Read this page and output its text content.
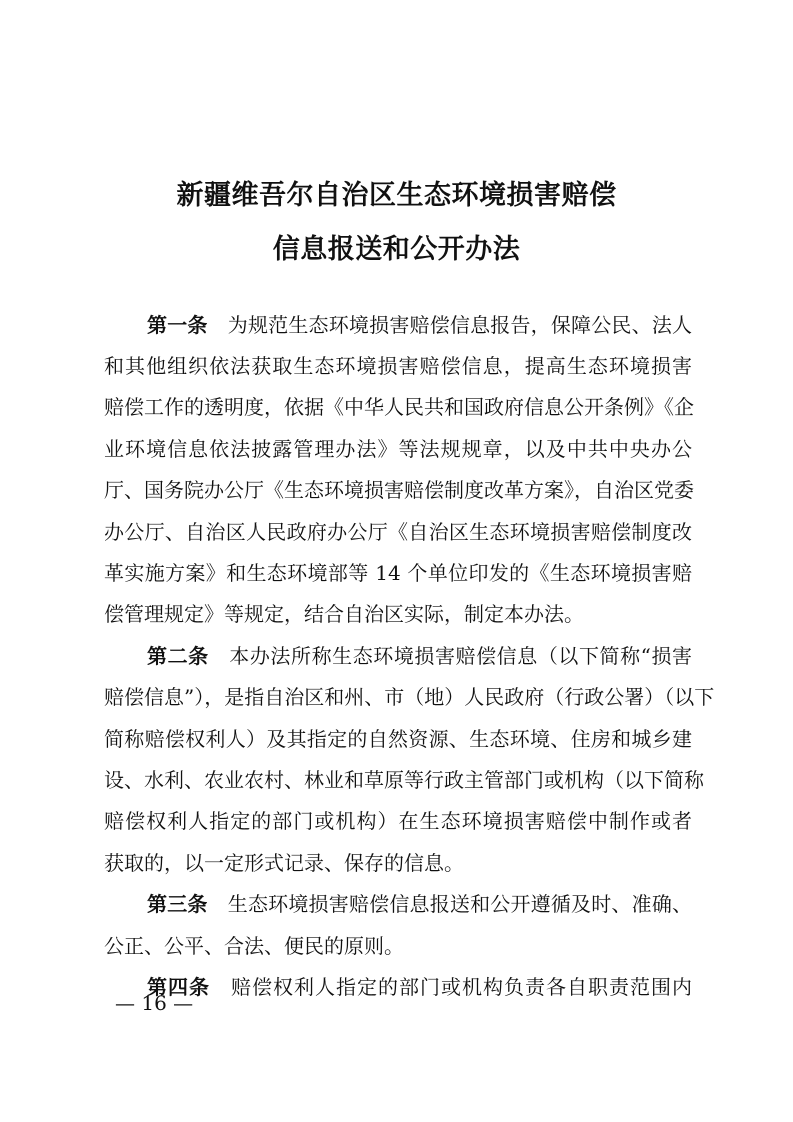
新疆维吾尔自治区生态环境损害赔偿
信息报送和公开办法
第一条　 为规范生态环境损害赔偿信息报告，保障公民、法人
和其他组织依法获取生态环境损害赔偿信息，提高生态环境损害
赔偿工作的透明度，依据《中华人民共和国政府信息公开条例》《企
业环境信息依法披露管理办法》等法规规章，以及中共中央办公
厅、国务院办公厅《生态环境损害赔偿制度改革方案》，自治区党委
办公厅、自治区人民政府办公厅《自治区生态环境损害赔偿制度改
革实施方案》和生态环境部等 14 个单位印发的《生态环境损害赔
偿管理规定》等规定，结合自治区实际，制定本办法。
第二条　 本办法所称生态环境损害赔偿信息（以下简称“损害
赔偿信息”），是指自治区和州、市（地）人民政府（行政公署）（以下
简称赔偿权利人）及其指定的自然资源、生态环境、住房和城乡建
设、水利、农业农村、林业和草原等行政主管部门或机构（以下简称
赔偿权利人指定的部门或机构）在生态环境损害赔偿中制作或者
获取的，以一定形式记录、保存的信息。
第三条　 生态环境损害赔偿信息报送和公开遵循及时、准确、
公正、公平、合法、便民的原则。
第四条　 赔偿权利人指定的部门或机构负责各自职责范围内
— 16 —
